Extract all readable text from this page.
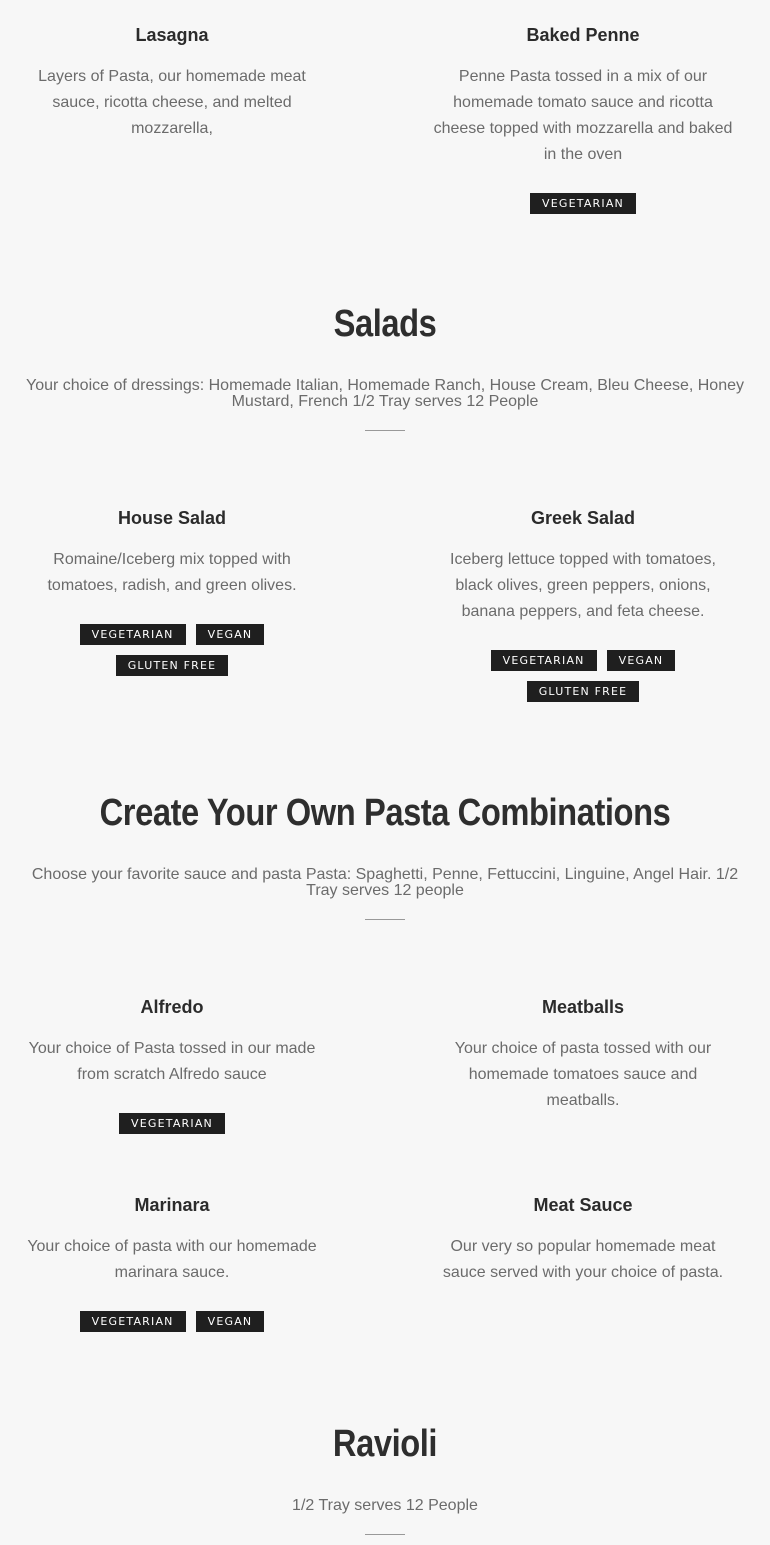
Lasagna

Layers of Pasta, our homemade meat sauce, ricotta cheese, and melted mozzarella,

Baked Penne

Penne Pasta tossed in a mix of our homemade tomato sauce and ricotta cheese topped with mozzarella and baked in the oven

VEGETARIAN
Salads

Your choice of dressings: Homemade Italian, Homemade Ranch, House Cream, Bleu Cheese, Honey Mustard, French 1/2 Tray serves 12 People

House Salad

Romaine/Iceberg mix topped with tomatoes, radish, and green olives.

VEGETARIAN	VEGAN
GLUTEN FREE
Greek Salad

Iceberg lettuce topped with tomatoes, black olives, green peppers, onions, banana peppers, and feta cheese.

VEGETARIAN	VEGAN
GLUTEN FREE
Create Your Own Pasta Combinations

Choose your favorite sauce and pasta Pasta: Spaghetti, Penne, Fettuccini, Linguine, Angel Hair. 1/2 Tray serves 12 people

Alfredo

Your choice of Pasta tossed in our made from scratch Alfredo sauce

VEGETARIAN
Meatballs

Your choice of pasta tossed with our homemade tomatoes sauce and meatballs.

Marinara

Your choice of pasta with our homemade marinara sauce.

VEGETARIAN	VEGAN
Meat Sauce

Our very so popular homemade meat sauce served with your choice of pasta.

Ravioli

1/2 Tray serves 12 People
